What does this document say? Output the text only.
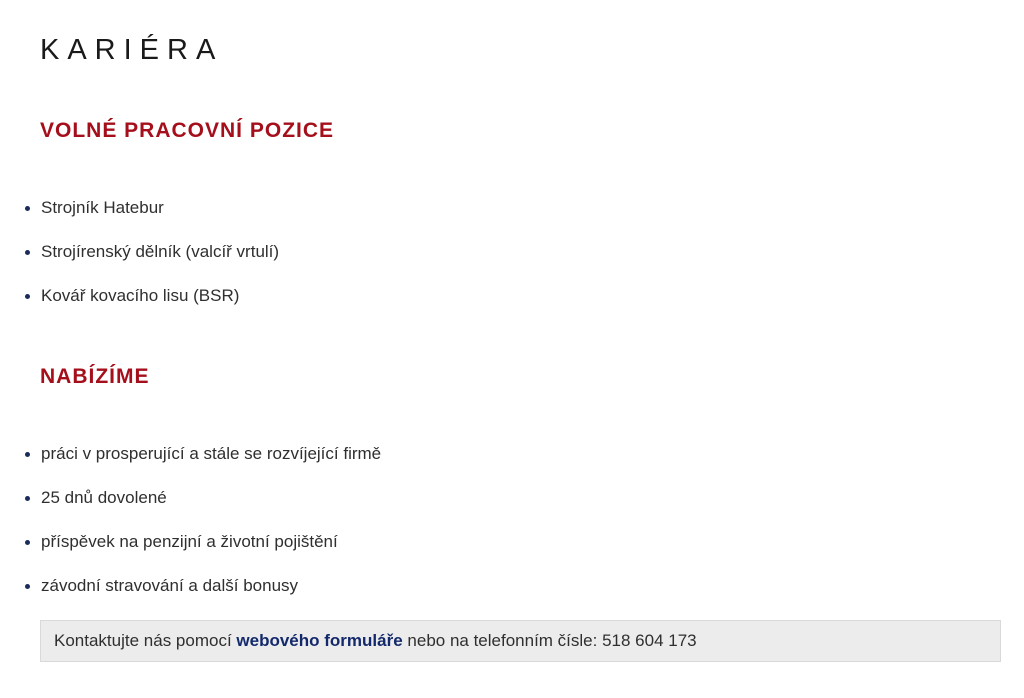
KARIÉRA
VOLNÉ PRACOVNÍ POZICE
Strojník Hatebur
Strojírenský dělník (valcíř vrtulí)
Kovář kovacího lisu (BSR)
NABÍZÍME
práci v prosperující a stále se rozvíjející firmě
25 dnů dovolené
příspěvek na penzijní a životní pojištění
závodní stravování a další bonusy
Kontaktujte nás pomocí webového formuláře nebo na telefonním čísle: 518 604 173
